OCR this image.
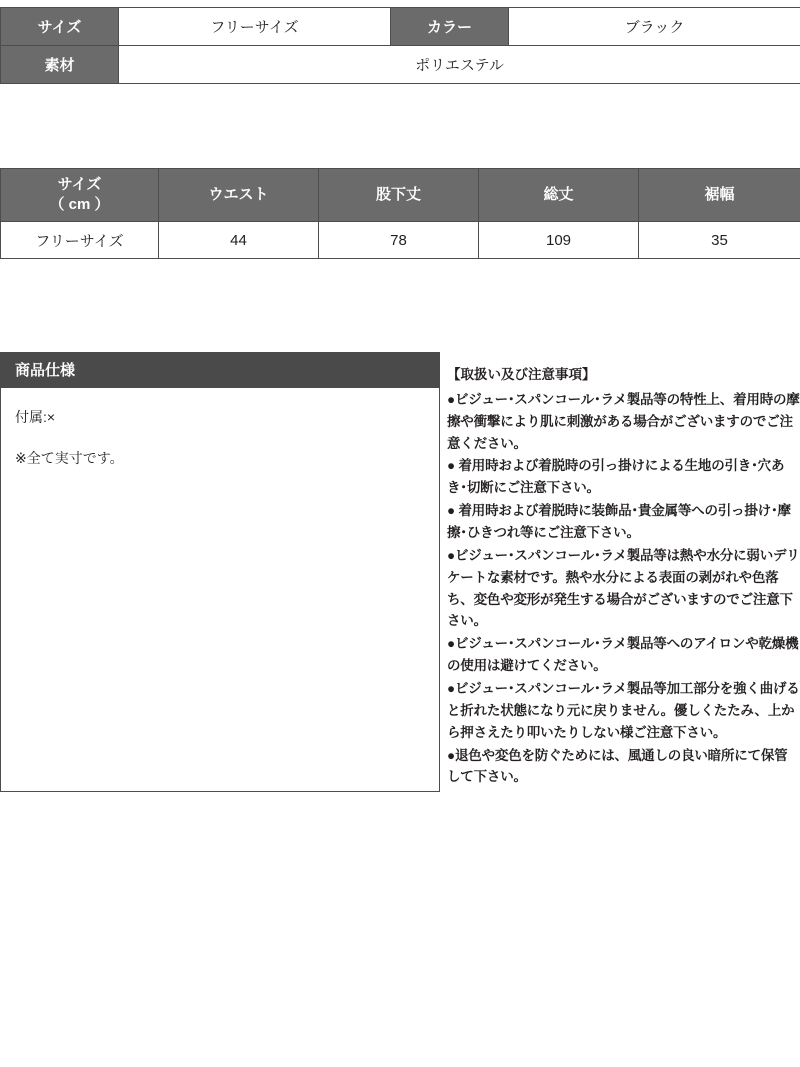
サイズ	フリーサイズ	カラー	ブラック
素材	ポリエステル		
サイズ
（ cm ）	ウエスト	股下丈	総丈	裾幅
フリーサイズ	44	78	109	35
商品仕様

付属:×

※全て実寸です。

【取扱い及び注意事項】

●ビジュー･スパンコール･ラメ製品等の特性上、着用時の摩擦や衝撃により肌に刺激がある場合がございますのでご注意ください。

● 着用時および着脱時の引っ掛けによる生地の引き･穴あき･切断にご注意下さい。

● 着用時および着脱時に装飾品･貴金属等への引っ掛け･摩擦･ひきつれ等にご注意下さい。

●ビジュー･スパンコール･ラメ製品等は熱や水分に弱いデリケートな素材です。熱や水分による表面の剥がれや色落ち、変色や変形が発生する場合がございますのでご注意下さい。

●ビジュー･スパンコール･ラメ製品等へのアイロンや乾燥機の使用は避けてください。

●ビジュー･スパンコール･ラメ製品等加工部分を強く曲げると折れた状態になり元に戻りません。優しくたたみ、上から押さえたり叩いたりしない様ご注意下さい。

●退色や変色を防ぐためには、風通しの良い暗所にて保管して下さい。
